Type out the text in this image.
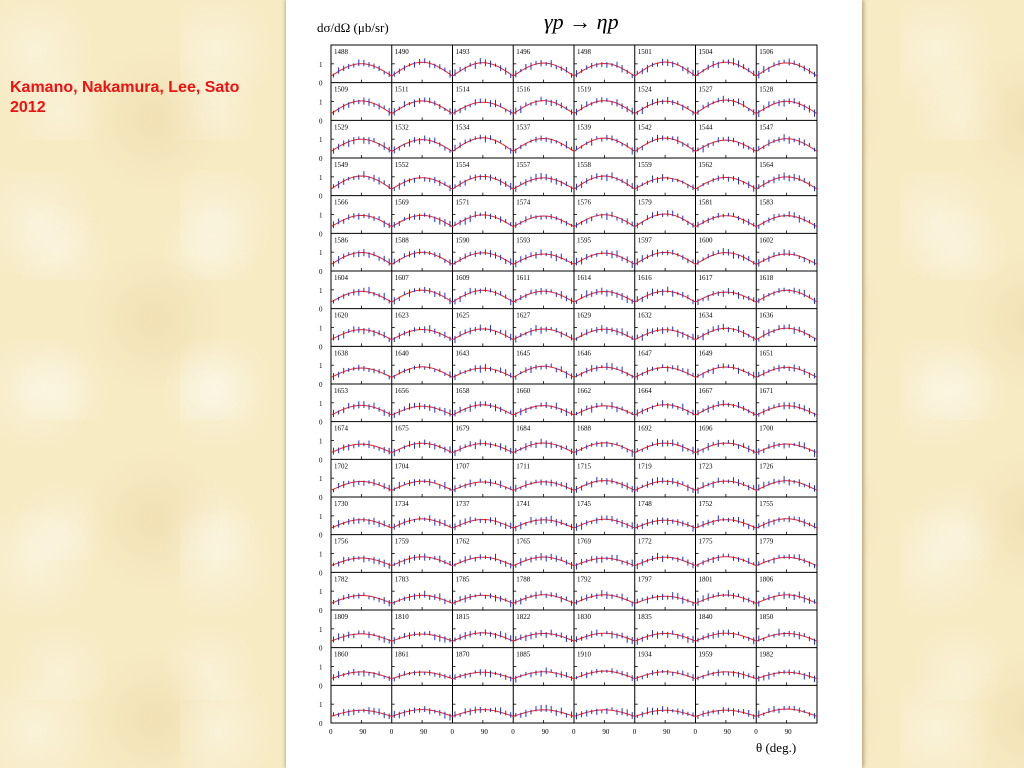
Kamano, Nakamura, Lee, Sato
2012
dσ/dΩ (μb/sr)	γp → ηp
θ (deg.)
0
1
1488	1490	1493	1496	1498	1501	1504	1506
0
1
1509	1511	1514	1516	1519	1524	1527	1528
0
1
1529	1532	1534	1537	1539	1542	1544	1547
0
1
1549	1552	1554	1557	1558	1559	1562	1564
0
1
1566	1569	1571	1574	1576	1579	1581	1583
0
1
1586	1588	1590	1593	1595	1597	1600	1602
0
1
1604	1607	1609	1611	1614	1616	1617	1618
0
1
1620	1623	1625	1627	1629	1632	1634	1636
0
1
1638	1640	1643	1645	1646	1647	1649	1651
0
1
1653	1656	1658	1660	1662	1664	1667	1671
0
1
1674	1675	1679	1684	1688	1692	1696	1700
0
1
1702	1704	1707	1711	1715	1719	1723	1726
0
1
1730	1734	1737	1741	1745	1748	1752	1755
0
1
1756	1759	1762	1765	1769	1772	1775	1779
0
1
1782	1783	1785	1788	1792	1797	1801	1806
0
1
1809	1810	1815	1822	1830	1835	1840	1850
0
1
1860	1861	1870	1885	1910	1934	1959	1982
0
1
0	90	0	90	0	90	0	90	0	90	0	90	0	90	0	90
